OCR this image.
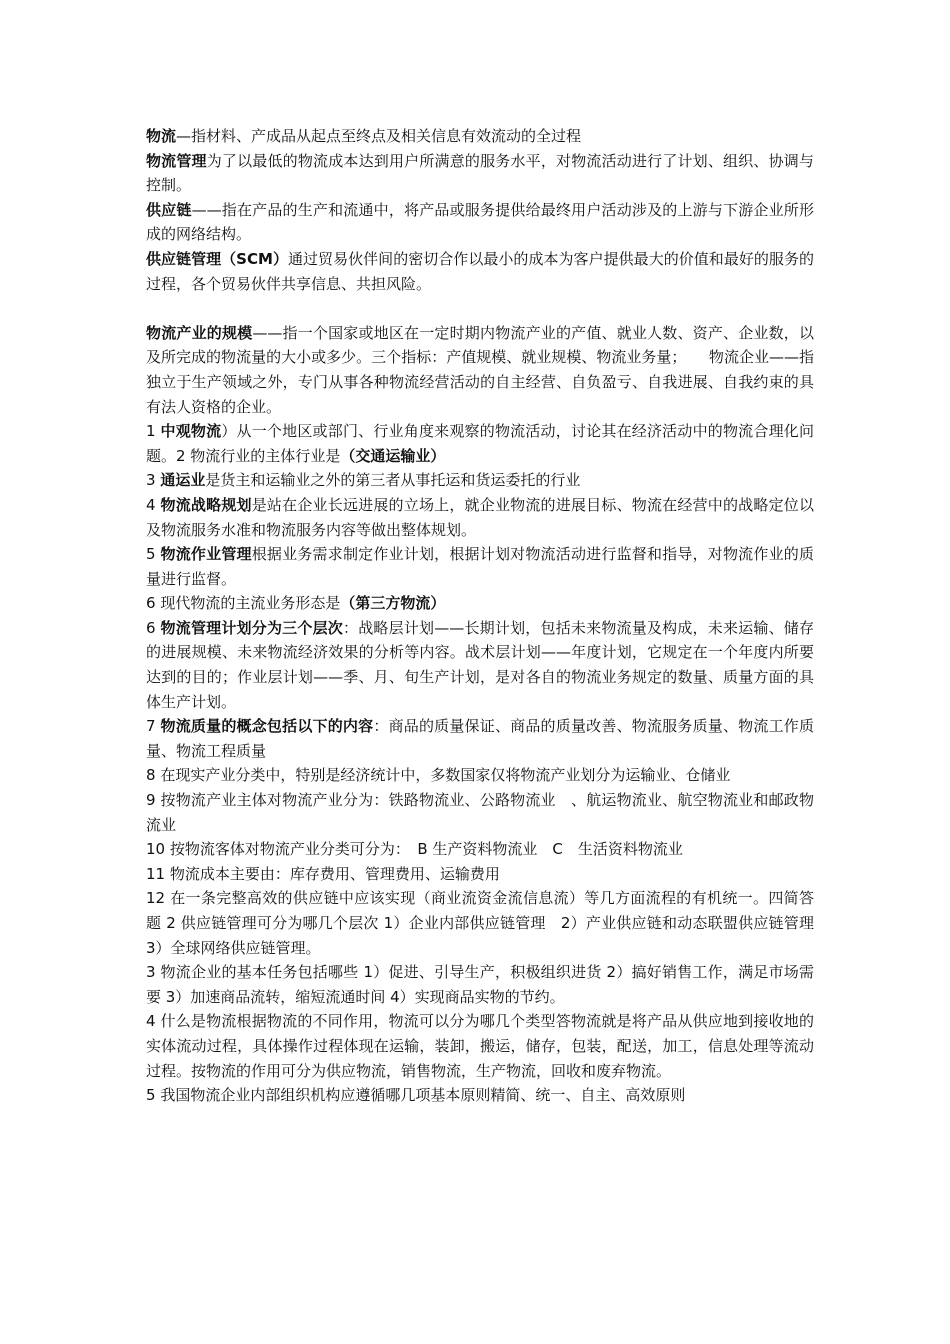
物流—指材料、产成品从起点至终点及相关信息有效流动的全过程

物流管理为了以最低的物流成本达到用户所满意的服务水平，对物流活动进行了计划、组织、协调与控制。

供应链——指在产品的生产和流通中，将产品或服务提供给最终用户活动涉及的上游与下游企业所形成的网络结构。

供应链管理（SCM）通过贸易伙伴间的密切合作以最小的成本为客户提供最大的价值和最好的服务的过程，各个贸易伙伴共享信息、共担风险。

物流产业的规模——指一个国家或地区在一定时期内物流产业的产值、就业人数、资产、企业数，以及所完成的物流量的大小或多少。三个指标：产值规模、就业规模、物流业务量；　　物流企业——指独立于生产领域之外，专门从事各种物流经营活动的自主经营、自负盈亏、自我进展、自我约束的具有法人资格的企业。

1 中观物流）从一个地区或部门、行业角度来观察的物流活动，讨论其在经济活动中的物流合理化问题。2 物流行业的主体行业是（交通运输业）

3 通运业是货主和运输业之外的第三者从事托运和货运委托的行业

4 物流战略规划是站在企业长远进展的立场上，就企业物流的进展目标、物流在经营中的战略定位以及物流服务水准和物流服务内容等做出整体规划。

5 物流作业管理根据业务需求制定作业计划，根据计划对物流活动进行监督和指导，对物流作业的质量进行监督。

6 现代物流的主流业务形态是（第三方物流）

6 物流管理计划分为三个层次：战略层计划——长期计划，包括未来物流量及构成，未来运输、储存的进展规模、未来物流经济效果的分析等内容。战术层计划——年度计划，它规定在一个年度内所要达到的目的；作业层计划——季、月、旬生产计划，是对各自的物流业务规定的数量、质量方面的具体生产计划。

7 物流质量的概念包括以下的内容：商品的质量保证、商品的质量改善、物流服务质量、物流工作质量、物流工程质量

8 在现实产业分类中，特别是经济统计中，多数国家仅将物流产业划分为运输业、仓储业

9 按物流产业主体对物流产业分为：铁路物流业、公路物流业　、航运物流业、航空物流业和邮政物流业

10 按物流客体对物流产业分类可分为：　B 生产资料物流业　C　生活资料物流业

11 物流成本主要由：库存费用、管理费用、运输费用

12 在一条完整高效的供应链中应该实现（商业流资金流信息流）等几方面流程的有机统一。四简答题 2 供应链管理可分为哪几个层次 1）企业内部供应链管理　2）产业供应链和动态联盟供应链管理　3）全球网络供应链管理。

3 物流企业的基本任务包括哪些 1）促进、引导生产，积极组织进货 2）搞好销售工作，满足市场需要 3）加速商品流转，缩短流通时间 4）实现商品实物的节约。

4 什么是物流根据物流的不同作用，物流可以分为哪几个类型答物流就是将产品从供应地到接收地的实体流动过程，具体操作过程体现在运输，装卸，搬运，储存，包装，配送，加工，信息处理等流动过程。按物流的作用可分为供应物流，销售物流，生产物流，回收和废弃物流。

5 我国物流企业内部组织机构应遵循哪几项基本原则精简、统一、自主、高效原则
